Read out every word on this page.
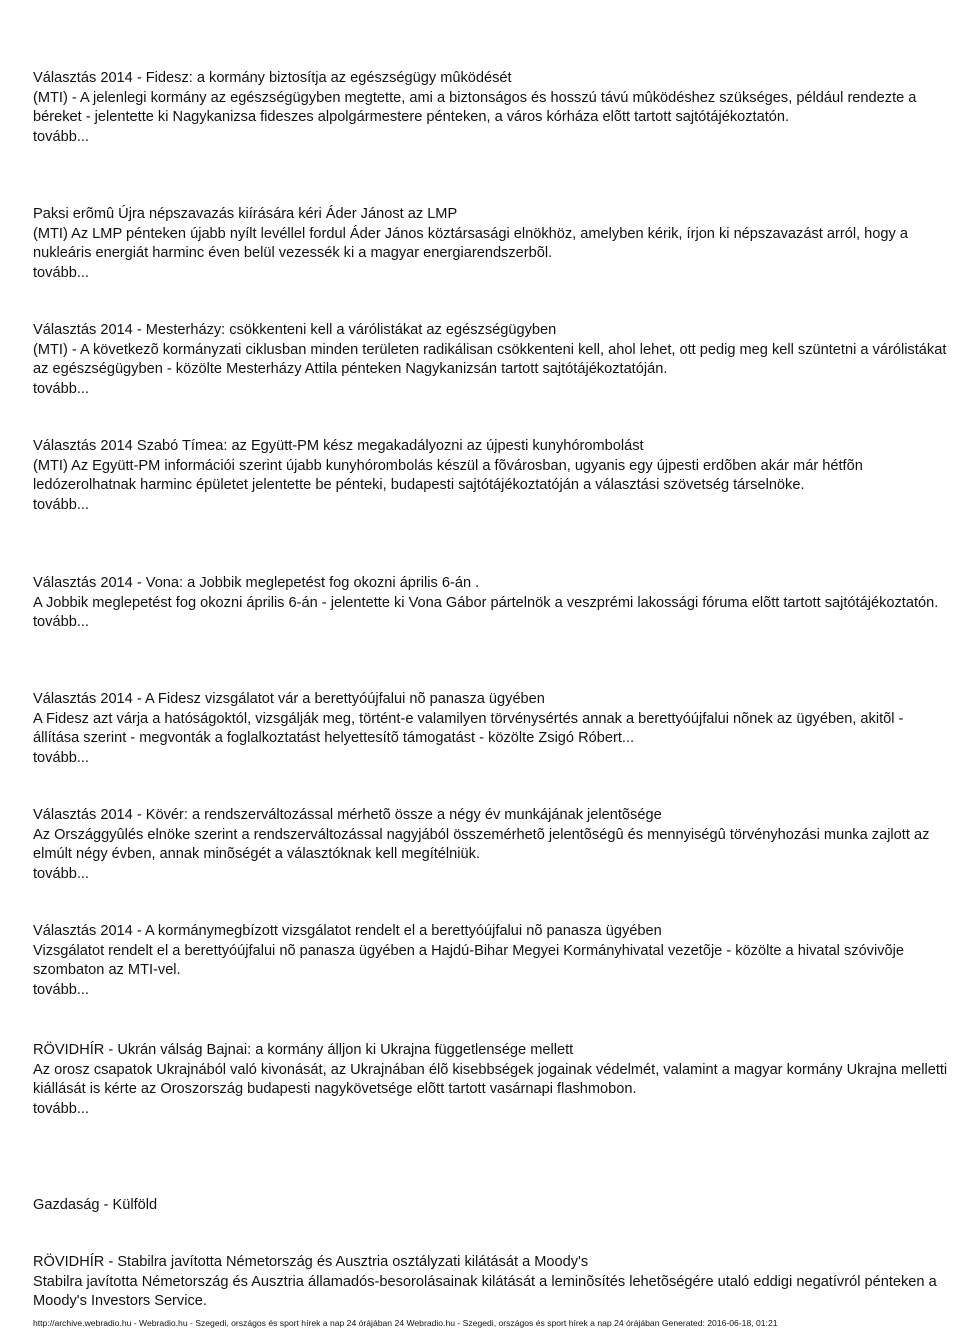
Választás 2014 - Fidesz: a kormány biztosítja az egészségügy mûködését
(MTI) - A jelenlegi kormány az egészségügyben megtette, ami a biztonságos és hosszú távú mûködéshez szükséges, például rendezte a béreket - jelentette ki Nagykanizsa fideszes alpolgármestere pénteken, a város kórháza elõtt tartott sajtótájékoztatón.
tovább...
Paksi erõmû Újra népszavazás kiírására kéri Áder Jánost az LMP
(MTI) Az LMP pénteken újabb nyílt levéllel fordul Áder János köztársasági elnökhöz, amelyben kérik, írjon ki népszavazást arról, hogy a nukleáris energiát harminc éven belül vezessék ki a magyar energiarendszerbõl.
tovább...
Választás 2014 - Mesterházy: csökkenteni kell a várólistákat az egészségügyben
(MTI) - A következõ kormányzati ciklusban minden területen radikálisan csökkenteni kell, ahol lehet, ott pedig meg kell szüntetni a várólistákat az egészségügyben - közölte Mesterházy Attila pénteken Nagykanizsán tartott sajtótájékoztatóján.
tovább...
Választás 2014 Szabó Tímea: az Együtt-PM kész megakadályozni az újpesti kunyhórombolást
(MTI) Az Együtt-PM információi szerint újabb kunyhórombolás készül a fõvárosban, ugyanis egy újpesti erdõben akár már hétfõn ledózerolhatnak harminc épületet jelentette be pénteki, budapesti sajtótájékoztatóján a választási szövetség társelnöke.
tovább...
Választás 2014 - Vona: a Jobbik meglepetést fog okozni április 6-án .
A Jobbik meglepetést fog okozni április 6-án - jelentette ki Vona Gábor pártelnök a veszprémi lakossági fóruma elõtt tartott sajtótájékoztatón.
tovább...
Választás 2014 - A Fidesz vizsgálatot vár a berettyóújfalui nõ panasza ügyében
A Fidesz azt várja a hatóságoktól, vizsgálják meg, történt-e valamilyen törvénysértés annak a berettyóújfalui nõnek az ügyében, akitõl - állítása szerint - megvonták a foglalkoztatást helyettesítõ támogatást - közölte Zsigó Róbert...
tovább...
Választás 2014 - Kövér: a rendszerváltozással mérhetõ össze a négy év munkájának jelentõsége
Az Országgyûlés elnöke szerint a rendszerváltozással nagyjából összemérhetõ jelentõségû és mennyiségû törvényhozási munka zajlott az elmúlt négy évben, annak minõségét a választóknak kell megítélniük.
tovább...
Választás 2014 - A kormánymegbízott vizsgálatot rendelt el a berettyóújfalui nõ panasza ügyében
Vizsgálatot rendelt el a berettyóújfalui nõ panasza ügyében a Hajdú-Bihar Megyei Kormányhivatal vezetõje - közölte a hivatal szóvivõje szombaton az MTI-vel.
tovább...
RÖVIDHÍR - Ukrán válság Bajnai: a kormány álljon ki Ukrajna függetlensége mellett
Az orosz csapatok Ukrajnából való kivonását, az Ukrajnában élõ kisebbségek jogainak védelmét, valamint a magyar kormány Ukrajna melletti kiállását is kérte az Oroszország budapesti nagykövetsége elõtt tartott vasárnapi flashmobon.
tovább...
Gazdaság - Külföld
RÖVIDHÍR - Stabilra javította Németország és Ausztria osztályzati kilátását a Moody's
Stabilra javította Németország és Ausztria államadós-besorolásainak kilátását a leminõsítés lehetõségére utaló eddigi negatívról pénteken a Moody's Investors Service.
http://archive.webradio.hu - Webradio.hu - Szegedi, országos és sport hírek a nap 24 órájában 24 Webradio.hu - Szegedi, országos és sport hírek a nap 24 órájában Generated: 2016-06-18, 01:21
